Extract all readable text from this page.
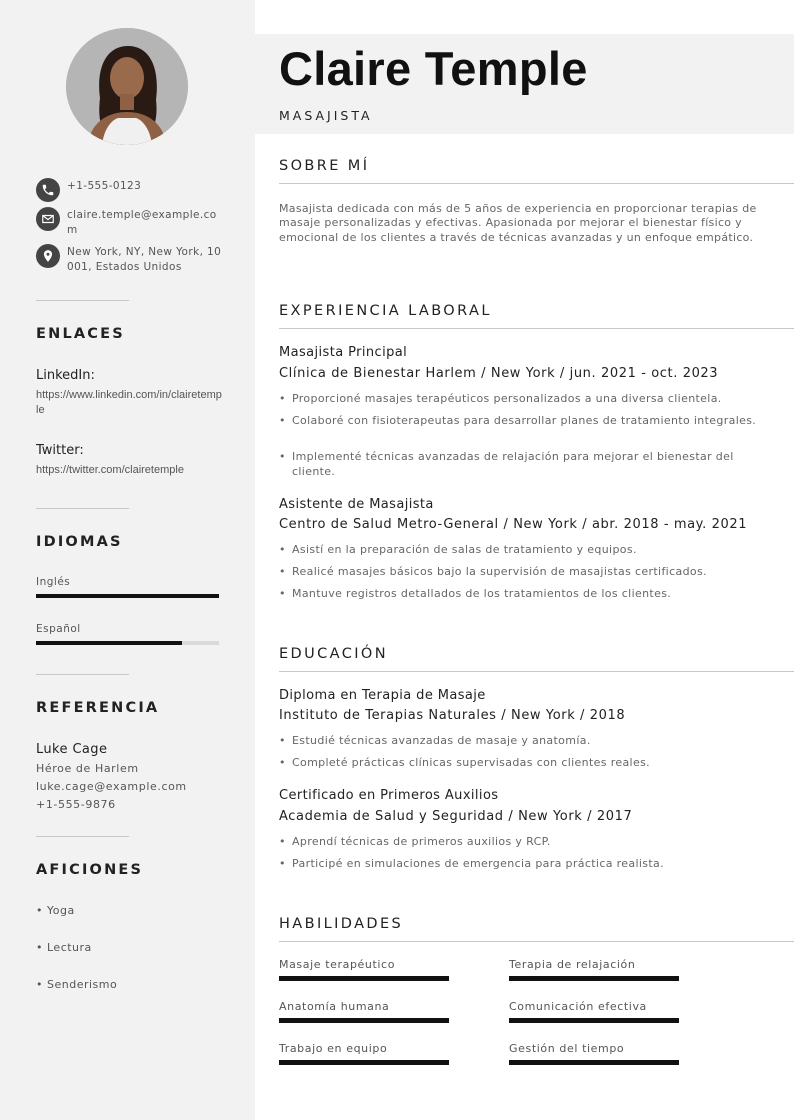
+1-555-0123
claire.temple@example.com
New York, NY, New York, 10001, Estados Unidos
ENLACES
LinkedIn:
https://www.linkedin.com/in/clairetemple
Twitter:
https://twitter.com/clairetemple
IDIOMAS
Inglés
Español
REFERENCIA
Luke Cage
Héroe de Harlem
luke.cage@example.com
+1-555-9876
AFICIONES
• Yoga
• Lectura
• Senderismo
Claire Temple
MASAJISTA
SOBRE MÍ
Masajista dedicada con más de 5 años de experiencia en proporcionar terapias de masaje personalizadas y efectivas. Apasionada por mejorar el bienestar físico y emocional de los clientes a través de técnicas avanzadas y un enfoque empático.
EXPERIENCIA LABORAL
Masajista Principal
Clínica de Bienestar Harlem / New York / jun. 2021 - oct. 2023
• Proporcioné masajes terapéuticos personalizados a una diversa clientela.
• Colaboré con fisioterapeutas para desarrollar planes de tratamiento integrales.
• Implementé técnicas avanzadas de relajación para mejorar el bienestar del cliente.
Asistente de Masajista
Centro de Salud Metro-General / New York / abr. 2018 - may. 2021
• Asistí en la preparación de salas de tratamiento y equipos.
• Realicé masajes básicos bajo la supervisión de masajistas certificados.
• Mantuve registros detallados de los tratamientos de los clientes.
EDUCACIÓN
Diploma en Terapia de Masaje
Instituto de Terapias Naturales / New York / 2018
• Estudié técnicas avanzadas de masaje y anatomía.
• Completé prácticas clínicas supervisadas con clientes reales.
Certificado en Primeros Auxilios
Academia de Salud y Seguridad / New York / 2017
• Aprendí técnicas de primeros auxilios y RCP.
• Participé en simulaciones de emergencia para práctica realista.
HABILIDADES
Masaje terapéutico	Terapia de relajación
Anatomía humana	Comunicación efectiva
Trabajo en equipo	Gestión del tiempo
